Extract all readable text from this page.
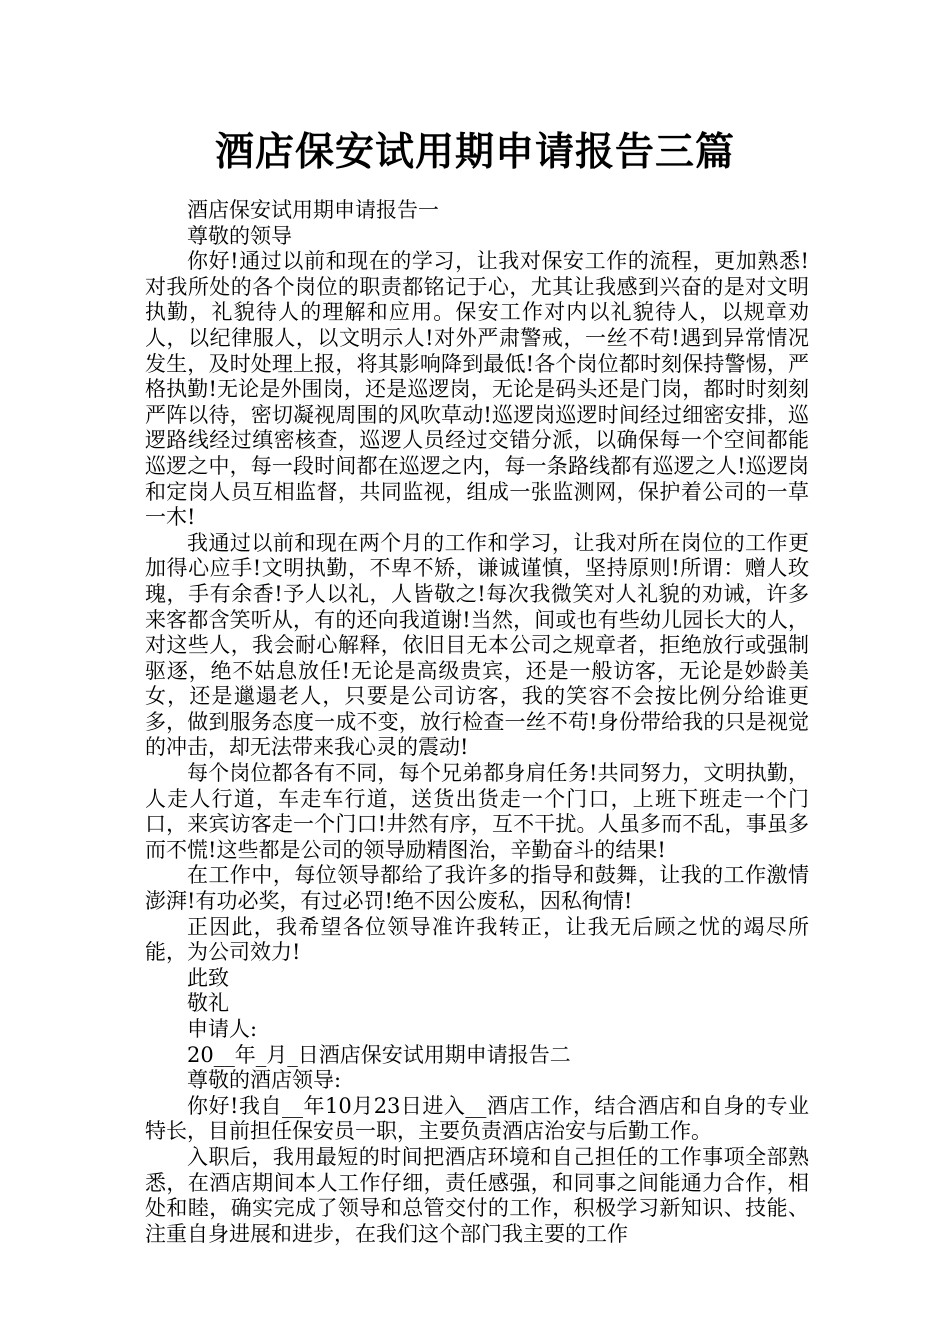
酒店保安试用期申请报告三篇

酒店保安试用期申请报告一

尊敬的领导

你好!通过以前和现在的学习，让我对保安工作的流程，更加熟悉!对我所处的各个岗位的职责都铭记于心，尤其让我感到兴奋的是对文明执勤，礼貌待人的理解和应用。保安工作对内以礼貌待人，以规章劝人，以纪律服人，以文明示人!对外严肃警戒，一丝不苟!遇到异常情况发生，及时处理上报，将其影响降到最低!各个岗位都时刻保持警惕，严格执勤!无论是外围岗，还是巡逻岗，无论是码头还是门岗，都时时刻刻严阵以待，密切凝视周围的风吹草动!巡逻岗巡逻时间经过细密安排，巡逻路线经过缜密核查，巡逻人员经过交错分派，以确保每一个空间都能巡逻之中，每一段时间都在巡逻之内，每一条路线都有巡逻之人!巡逻岗和定岗人员互相监督，共同监视，组成一张监测网，保护着公司的一草一木!

我通过以前和现在两个月的工作和学习，让我对所在岗位的工作更加得心应手!文明执勤，不卑不矫，谦诚谨慎，坚持原则!所谓：赠人玫瑰，手有余香!予人以礼，人皆敬之!每次我微笑对人礼貌的劝诫，许多来客都含笑听从，有的还向我道谢!当然，间或也有些幼儿园长大的人，对这些人，我会耐心解释，依旧目无本公司之规章者，拒绝放行或强制驱逐，绝不姑息放任!无论是高级贵宾，还是一般访客，无论是妙龄美女，还是邋遢老人，只要是公司访客，我的笑容不会按比例分给谁更多，做到服务态度一成不变，放行检查一丝不苟!身份带给我的只是视觉的冲击，却无法带来我心灵的震动!

每个岗位都各有不同，每个兄弟都身肩任务!共同努力，文明执勤，人走人行道，车走车行道，送货出货走一个门口，上班下班走一个门口，来宾访客走一个门口!井然有序，互不干扰。人虽多而不乱，事虽多而不慌!这些都是公司的领导励精图治，辛勤奋斗的结果!

在工作中，每位领导都给了我许多的指导和鼓舞，让我的工作激情澎湃!有功必奖，有过必罚!绝不因公废私，因私徇情!

正因此，我希望各位领导准许我转正，让我无后顾之忧的竭尽所能，为公司效力!

此致

敬礼

申请人:

20__年_月_日酒店保安试用期申请报告二

尊敬的酒店领导:

你好!我自__年10月23日进入__酒店工作，结合酒店和自身的专业特长，目前担任保安员一职，主要负责酒店治安与后勤工作。

入职后，我用最短的时间把酒店环境和自己担任的工作事项全部熟悉，在酒店期间本人工作仔细，责任感强，和同事之间能通力合作，相处和睦，确实完成了领导和总管交付的工作，积极学习新知识、技能、注重自身进展和进步，在我们这个部门我主要的工作
